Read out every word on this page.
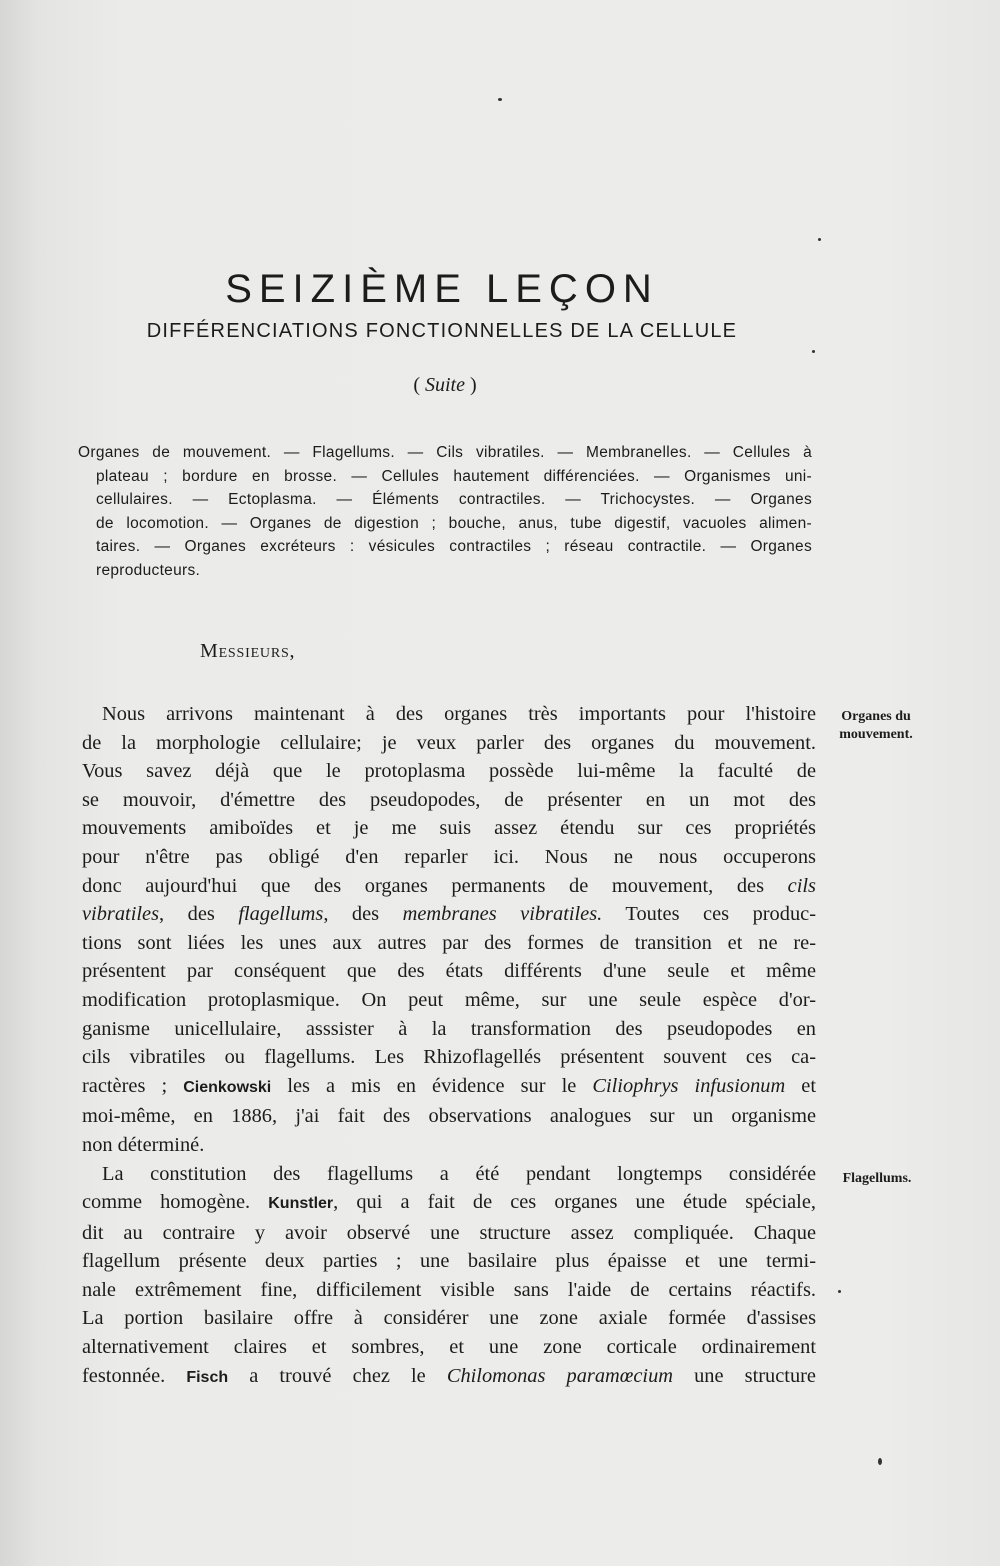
SEIZIÈME LEÇON
DIFFÉRENCIATIONS FONCTIONNELLES DE LA CELLULE
( Suite )
Organes de mouvement. — Flagellums. — Cils vibratiles. — Membranelles. — Cellules à
plateau ; bordure en brosse. — Cellules hautement différenciées. — Organismes uni-
cellulaires. — Ectoplasma. — Éléments contractiles. — Trichocystes. — Organes
de locomotion. — Organes de digestion ; bouche, anus, tube digestif, vacuoles alimen-
taires. — Organes excréteurs : vésicules contractiles ; réseau contractile. — Organes
reproducteurs.
Messieurs,
Organes du
mouvement.
Flagellums.
Nous arrivons maintenant à des organes très importants pour l'histoire
de la morphologie cellulaire; je veux parler des organes du mouvement.
Vous savez déjà que le protoplasma possède lui-même la faculté de
se mouvoir, d'émettre des pseudopodes, de présenter en un mot des
mouvements amiboïdes et je me suis assez étendu sur ces propriétés
pour n'être pas obligé d'en reparler ici. Nous ne nous occuperons
donc aujourd'hui que des organes permanents de mouvement, des cils
vibratiles, des flagellums, des membranes vibratiles. Toutes ces produc-
tions sont liées les unes aux autres par des formes de transition et ne re-
présentent par conséquent que des états différents d'une seule et même
modification protoplasmique. On peut même, sur une seule espèce d'or-
ganisme unicellulaire, asssister à la transformation des pseudopodes en
cils vibratiles ou flagellums. Les Rhizoflagellés présentent souvent ces ca-
ractères ; Cienkowski les a mis en évidence sur le Ciliophrys infusionum et
moi-même, en 1886, j'ai fait des observations analogues sur un organisme
non déterminé.
La constitution des flagellums a été pendant longtemps considérée
comme homogène. Kunstler, qui a fait de ces organes une étude spéciale,
dit au contraire y avoir observé une structure assez compliquée. Chaque
flagellum présente deux parties ; une basilaire plus épaisse et une termi-
nale extrêmement fine, difficilement visible sans l'aide de certains réactifs.
La portion basilaire offre à considérer une zone axiale formée d'assises
alternativement claires et sombres, et une zone corticale ordinairement
festonnée. Fisch a trouvé chez le Chilomonas paramœcium une structure
